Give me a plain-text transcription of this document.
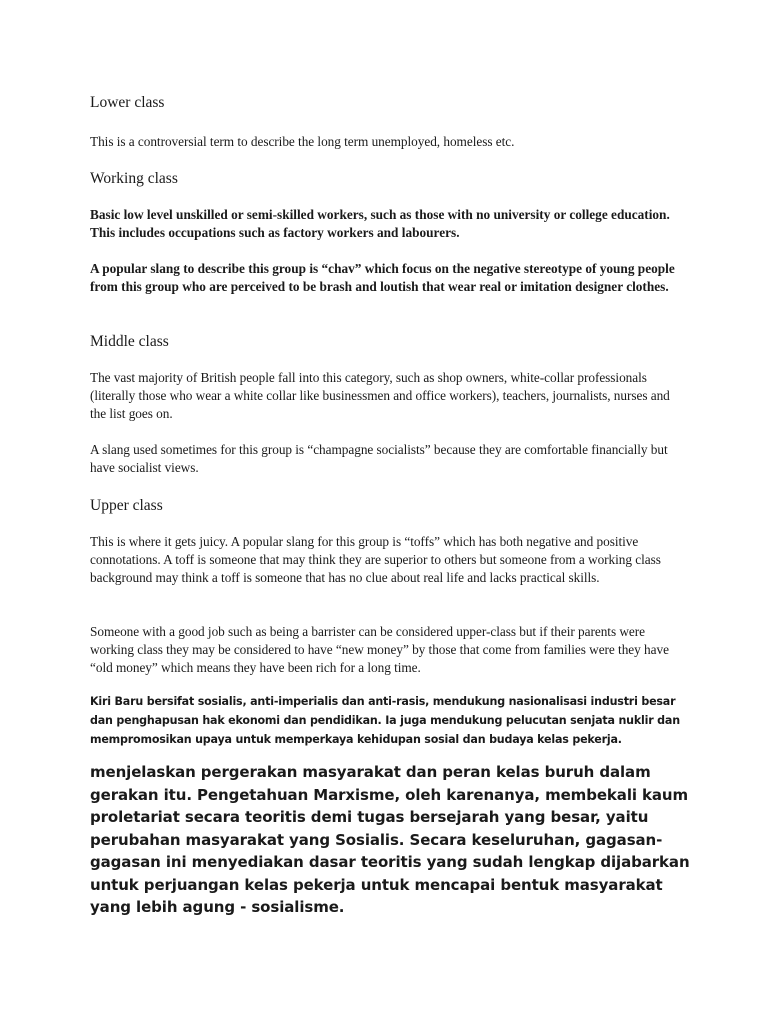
Lower class

This is a controversial term to describe the long term unemployed, homeless etc.

Working class

Basic low level unskilled or semi-skilled workers, such as those with no university or college education. This includes occupations such as factory workers and labourers.

A popular slang to describe this group is “chav” which focus on the negative stereotype of young people from this group who are perceived to be brash and loutish that wear real or imitation designer clothes.

Middle class

The vast majority of British people fall into this category, such as shop owners, white-collar professionals (literally those who wear a white collar like businessmen and office workers), teachers, journalists, nurses and the list goes on.

A slang used sometimes for this group is “champagne socialists” because they are comfortable financially but have socialist views.

Upper class

This is where it gets juicy. A popular slang for this group is “toffs” which has both negative and positive connotations. A toff is someone that may think they are superior to others but someone from a working class background may think a toff is someone that has no clue about real life and lacks practical skills.

Someone with a good job such as being a barrister can be considered upper-class but if their parents were working class they may be considered to have “new money” by those that come from families were they have “old money” which means they have been rich for a long time.

Kiri Baru bersifat sosialis, anti-imperialis dan anti-rasis, mendukung nasionalisasi industri besar dan penghapusan hak ekonomi dan pendidikan. Ia juga mendukung pelucutan senjata nuklir dan mempromosikan upaya untuk memperkaya kehidupan sosial dan budaya kelas pekerja.

menjelaskan pergerakan masyarakat dan peran kelas buruh dalam gerakan itu. Pengetahuan Marxisme, oleh karenanya, membekali kaum proletariat secara teoritis demi tugas bersejarah yang besar, yaitu perubahan masyarakat yang Sosialis. Secara keseluruhan, gagasan-gagasan ini menyediakan dasar teoritis yang sudah lengkap dijabarkan untuk perjuangan kelas pekerja untuk mencapai bentuk masyarakat yang lebih agung - sosialisme.
